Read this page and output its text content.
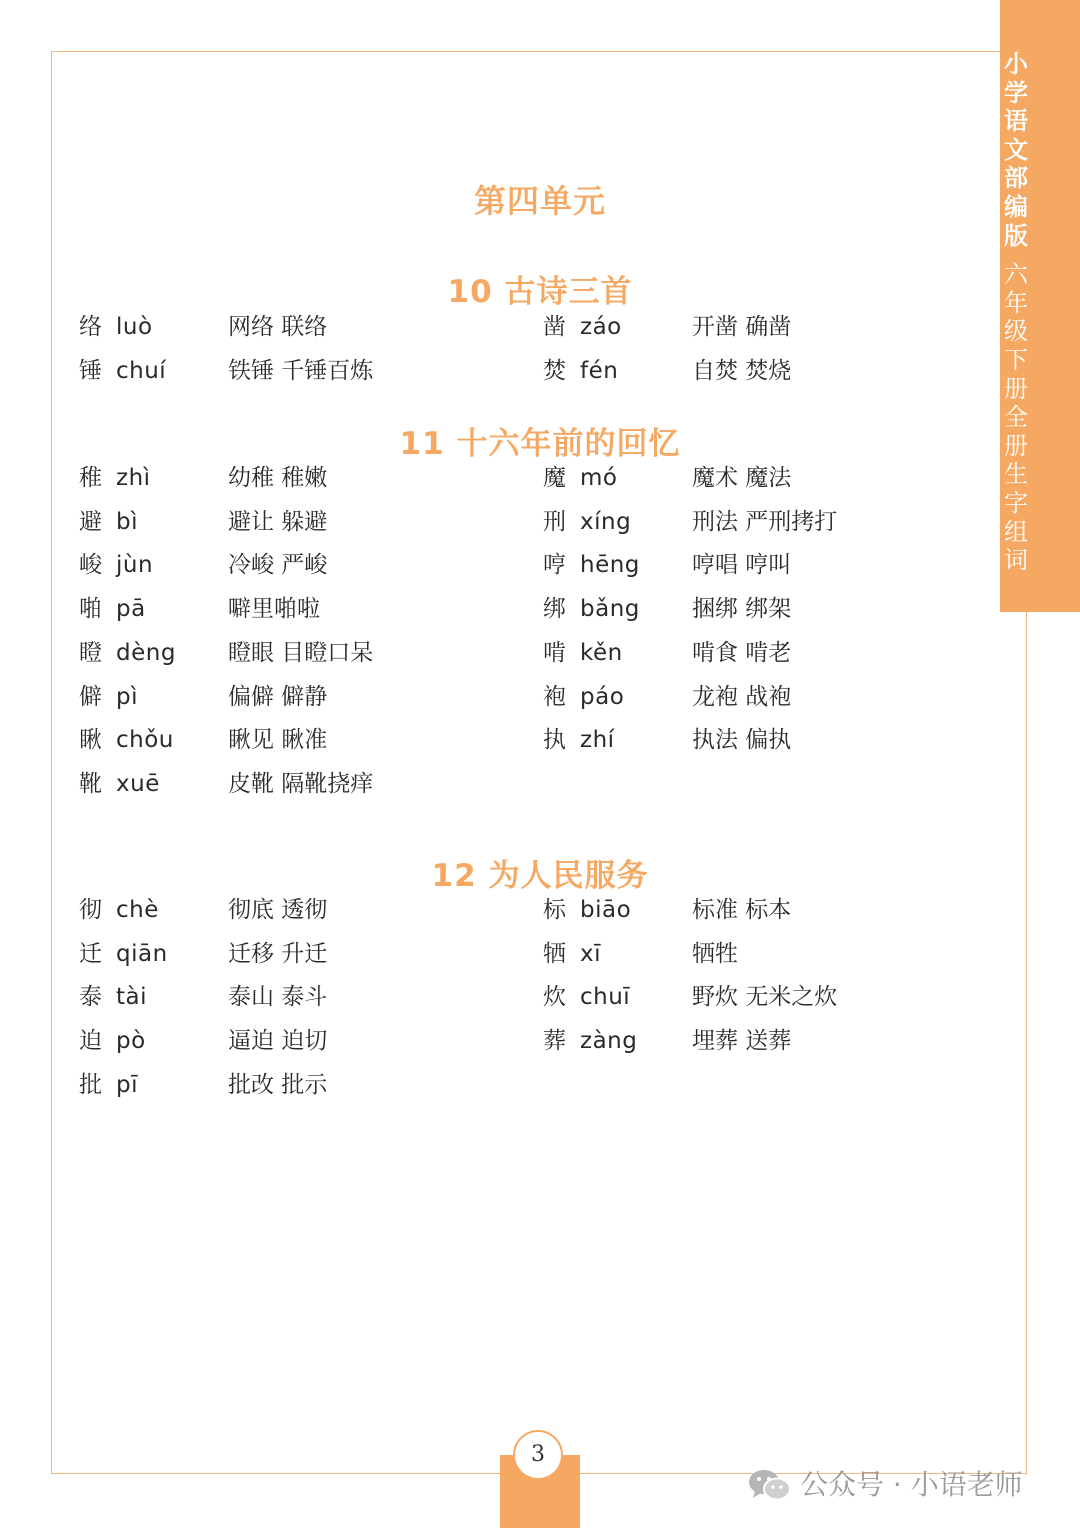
小学语文部编版
六年级下册 全册生字组词
第四单元
10 古诗三首
络 luò	网络 联络	凿 záo	开凿 确凿
锤 chuí	铁锤 千锤百炼	焚 fén	自焚 焚烧
11 十六年前的回忆
稚 zhì	幼稚 稚嫩	魔 mó	魔术 魔法
避 bì	避让 躲避	刑 xíng	刑法 严刑拷打
峻 jùn	冷峻 严峻	哼 hēng 哼唱 哼叫
啪 pā	噼里啪啦	绑 bǎng 捆绑 绑架
瞪 dèng 瞪眼 目瞪口呆	啃 kěn	啃食 啃老
僻 pì	偏僻 僻静	袍 páo	龙袍 战袍
瞅 chǒu 瞅见 瞅准	执 zhí	执法 偏执
靴 xuē	皮靴 隔靴挠痒
12 为人民服务
彻 chè	彻底 透彻	标 biāo	标准 标本
迁 qiān	迁移 升迁	牺 xī	牺牲
泰 tài	泰山 泰斗	炊 chuī	野炊 无米之炊
迫 pò	逼迫 迫切	葬 zàng 埋葬 送葬
批 pī	批改 批示
3
公众号 · 小语老师
